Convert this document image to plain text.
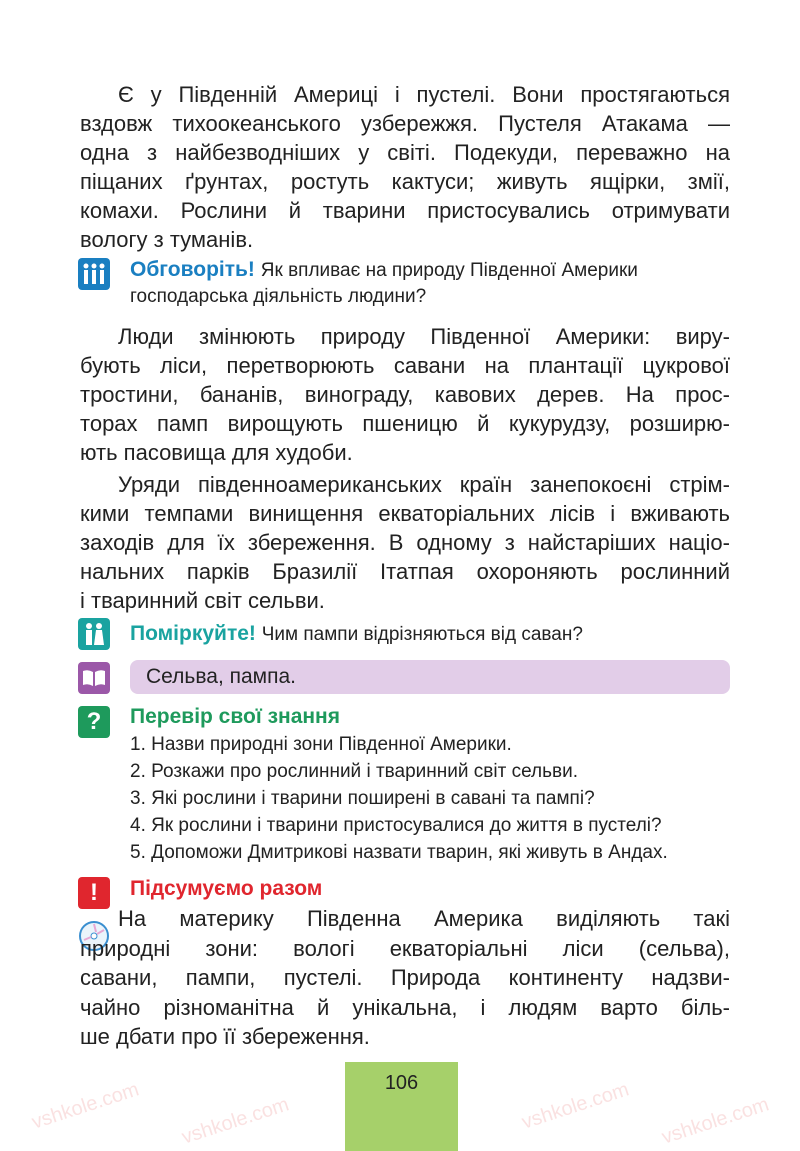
vshkole.com vshkole.com	vshkole.com vshkole.com
Є у Південній Америці і пустелі. Вони простягаються
вздовж тихоокеанського узбережжя. Пустеля Атакама —
одна з найбезводніших у світі. Подекуди, переважно на
піщаних ґрунтах, ростуть кактуси; живуть ящірки, змії,
комахи. Рослини й тварини пристосувались отримувати
вологу з туманів.
Обговоріть! Як впливає на природу Південної Америки
господарська діяльність людини?
Люди змінюють природу Південної Америки: виру-
бують ліси, перетворюють савани на плантації цукрової
тростини, бананів, винограду, кавових дерев. На прос-
торах памп вирощують пшеницю й кукурудзу, розширю-
ють пасовища для худоби.
Уряди південноамериканських країн занепокоєні стрім-
кими темпами винищення екваторіальних лісів і вживають
заходів для їх збереження. В одному з найстаріших націо-
нальних парків Бразилії Ітатпая охороняють рослинний
і тваринний світ сельви.
Поміркуйте! Чим пампи відрізняються від саван?
Сельва, пампа.
?	Перевір свої знання
1. Назви природні зони Південної Америки.
2. Розкажи про рослинний і тваринний світ сельви.
3. Які рослини і тварини поширені в савані та пампі?
4. Як рослини і тварини пристосувалися до життя в пустелі?
5. Допоможи Дмитрикові назвати тварин, які живуть в Андах.
!	Підсумуємо разом
На материку Південна Америка виділяють такі
природні зони: вологі екваторіальні ліси (сельва),
савани, пампи, пустелі. Природа континенту надзви-
чайно різноманітна й унікальна, і людям варто біль-
ше дбати про її збереження.
106
